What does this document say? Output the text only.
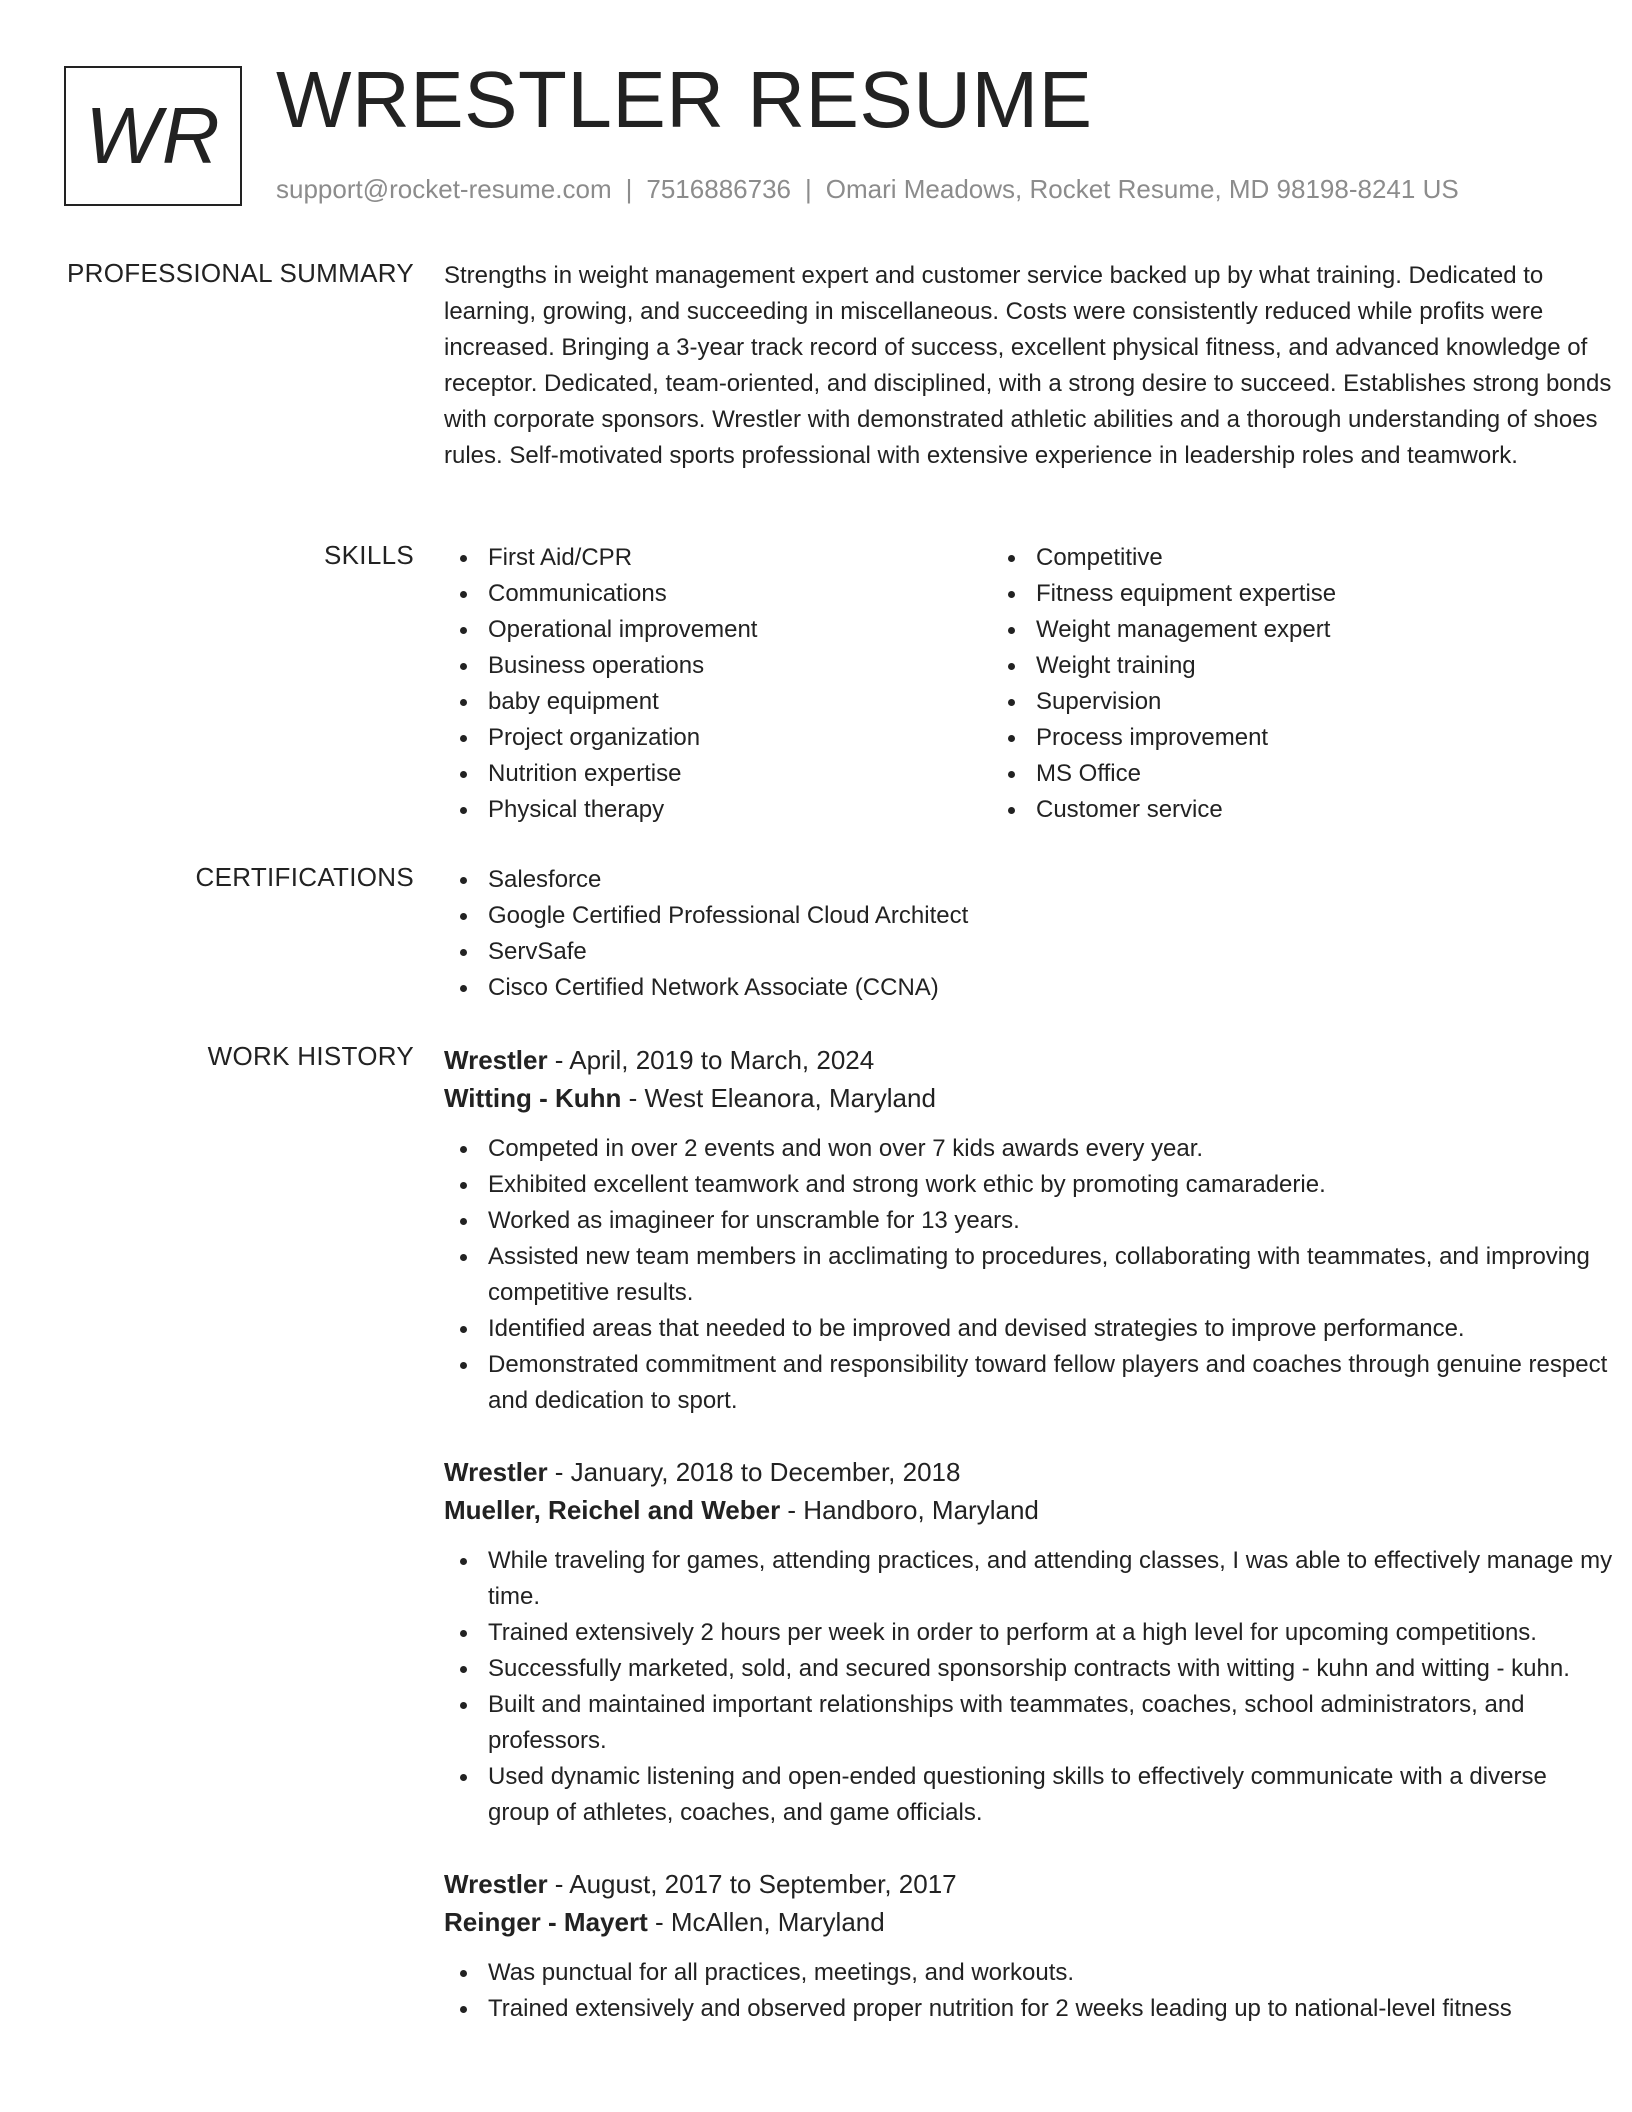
WR WRESTLER RESUME
support@rocket-resume.com | 7516886736 | Omari Meadows, Rocket Resume, MD 98198-8241 US
PROFESSIONAL SUMMARY Strengths in weight management expert and customer service backed up by what training. Dedicated to learning, growing, and succeeding in miscellaneous. Costs were consistently reduced while profits were increased. Bringing a 3-year track record of success, excellent physical fitness, and advanced knowledge of receptor. Dedicated, team-oriented, and disciplined, with a strong desire to succeed. Establishes strong bonds with corporate sponsors. Wrestler with demonstrated athletic abilities and a thorough understanding of shoes rules. Self-motivated sports professional with extensive experience in leadership roles and teamwork.

SKILLS	First Aid/CPR
Communications
Operational improvement
Business operations
baby equipment
Project organization
Nutrition expertise
Physical therapy
Competitive
Fitness equipment expertise
Weight management expert
Weight training
Supervision
Process improvement
MS Office
Customer service
CERTIFICATIONS	Salesforce
Google Certified Professional Cloud Architect
ServSafe
Cisco Certified Network Associate (CCNA)
WORK HISTORY Wrestler - April, 2019 to March, 2024
Witting - Kuhn - West Eleanora, Maryland
Competed in over 2 events and won over 7 kids awards every year.
Exhibited excellent teamwork and strong work ethic by promoting camaraderie.
Worked as imagineer for unscramble for 13 years.
Assisted new team members in acclimating to procedures, collaborating with teammates, and improving competitive results.
Identified areas that needed to be improved and devised strategies to improve performance.
Demonstrated commitment and responsibility toward fellow players and coaches through genuine respect and dedication to sport.
Wrestler - January, 2018 to December, 2018
Mueller, Reichel and Weber - Handboro, Maryland
While traveling for games, attending practices, and attending classes, I was able to effectively manage my time.
Trained extensively 2 hours per week in order to perform at a high level for upcoming competitions.
Successfully marketed, sold, and secured sponsorship contracts with witting - kuhn and witting - kuhn.
Built and maintained important relationships with teammates, coaches, school administrators, and professors.
Used dynamic listening and open-ended questioning skills to effectively communicate with a diverse group of athletes, coaches, and game officials.
Wrestler - August, 2017 to September, 2017
Reinger - Mayert - McAllen, Maryland
Was punctual for all practices, meetings, and workouts.
Trained extensively and observed proper nutrition for 2 weeks leading up to national-level fitness
